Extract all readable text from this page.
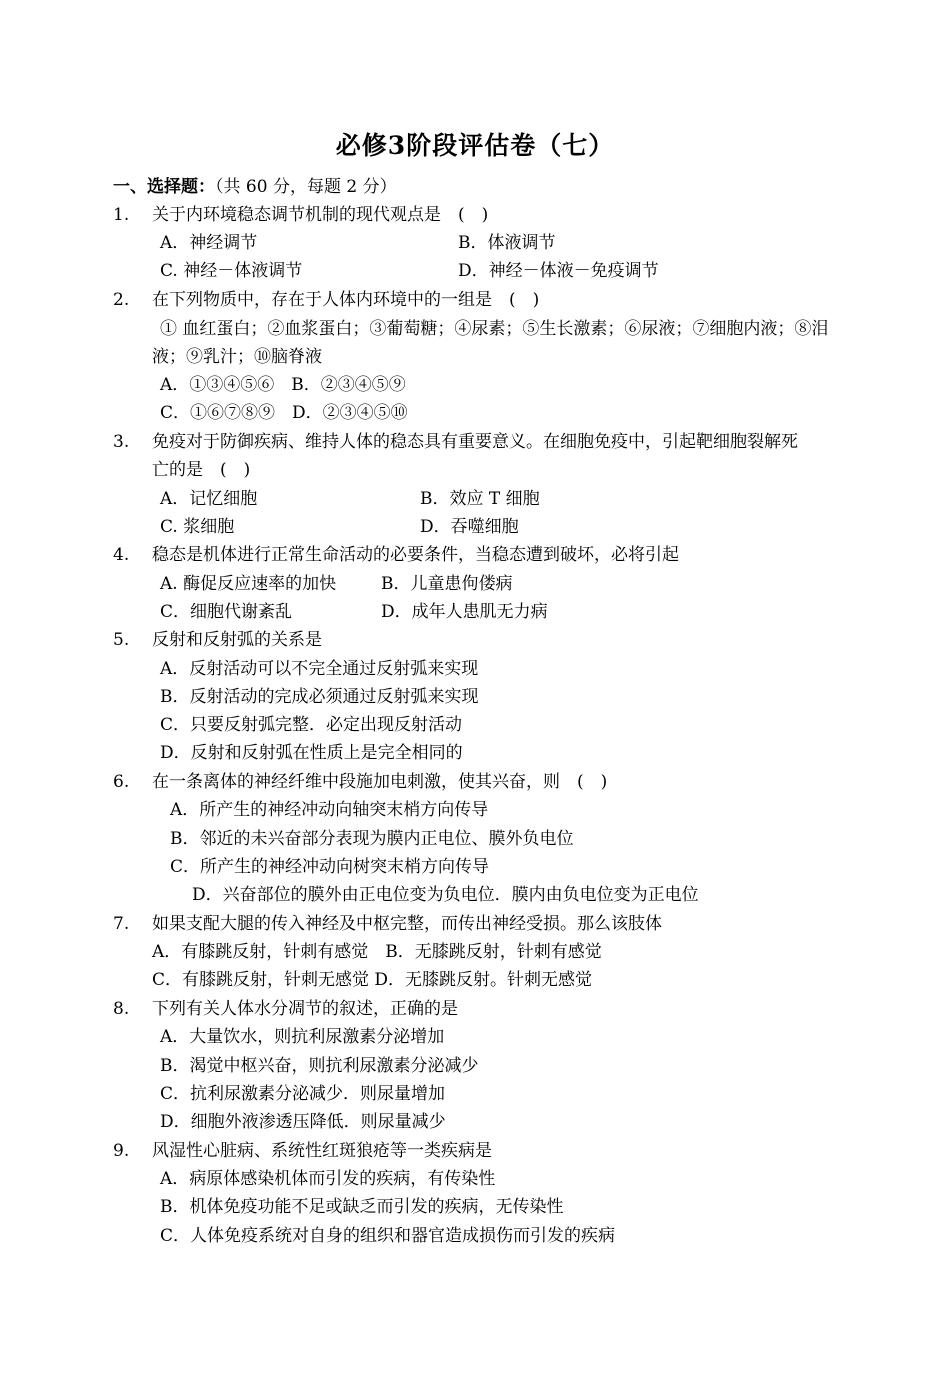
必修3阶段评估卷（七）
一、选择题：（共 60 分，每题 2 分）
1. 关于内环境稳态调节机制的现代观点是　(　)
A．神经调节	B．体液调节
C. 神经－体液调节	D．神经－体液－免疫调节
2. 在下列物质中，存在于人体内环境中的一组是　(　)
① 血红蛋白；②血浆蛋白；③葡萄糖；④尿素；⑤生长激素；⑥尿液；⑦细胞内液；⑧泪
液；⑨乳汁；⑩脑脊液
A．①③④⑤⑥　B．②③④⑤⑨
C．①⑥⑦⑧⑨　D．②③④⑤⑩
3. 免疫对于防御疾病、维持人体的稳态具有重要意义。在细胞免疫中，引起靶细胞裂解死
亡的是　(　)
A．记忆细胞	B．效应 T 细胞
C. 浆细胞	D．吞噬细胞
4. 稳态是机体进行正常生命活动的必要条件，当稳态遭到破坏，必将引起
A. 酶促反应速率的加快	B．儿童患佝偻病
C．细胞代谢紊乱	D．成年人患肌无力病
5. 反射和反射弧的关系是
A．反射活动可以不完全通过反射弧来实现
B．反射活动的完成必须通过反射弧来实现
C．只要反射弧完整．必定出现反射活动
D．反射和反射弧在性质上是完全相同的
6. 在一条离体的神经纤维中段施加电刺激，使其兴奋，则　(　)
A．所产生的神经冲动向轴突末梢方向传导
B．邻近的未兴奋部分表现为膜内正电位、膜外负电位
C．所产生的神经冲动向树突末梢方向传导
D．兴奋部位的膜外由正电位变为负电位．膜内由负电位变为正电位
7. 如果支配大腿的传入神经及中枢完整，而传出神经受损。那么该肢体
A．有膝跳反射，针刺有感觉　B．无膝跳反射，针刺有感觉
C．有膝跳反射，针刺无感觉 D．无膝跳反射。针刺无感觉
8. 下列有关人体水分凋节的叙述，正确的是
A．大量饮水，则抗利尿激素分泌增加
B．渴觉中枢兴奋，则抗利尿激素分泌减少
C．抗利尿激素分泌减少．则尿量增加
D．细胞外液渗透压降低．则尿量减少
9. 风湿性心脏病、系统性红斑狼疮等一类疾病是
A．病原体感染机体而引发的疾病，有传染性
B．机体免疫功能不足或缺乏而引发的疾病，无传染性
C．人体免疫系统对自身的组织和器官造成损伤而引发的疾病
